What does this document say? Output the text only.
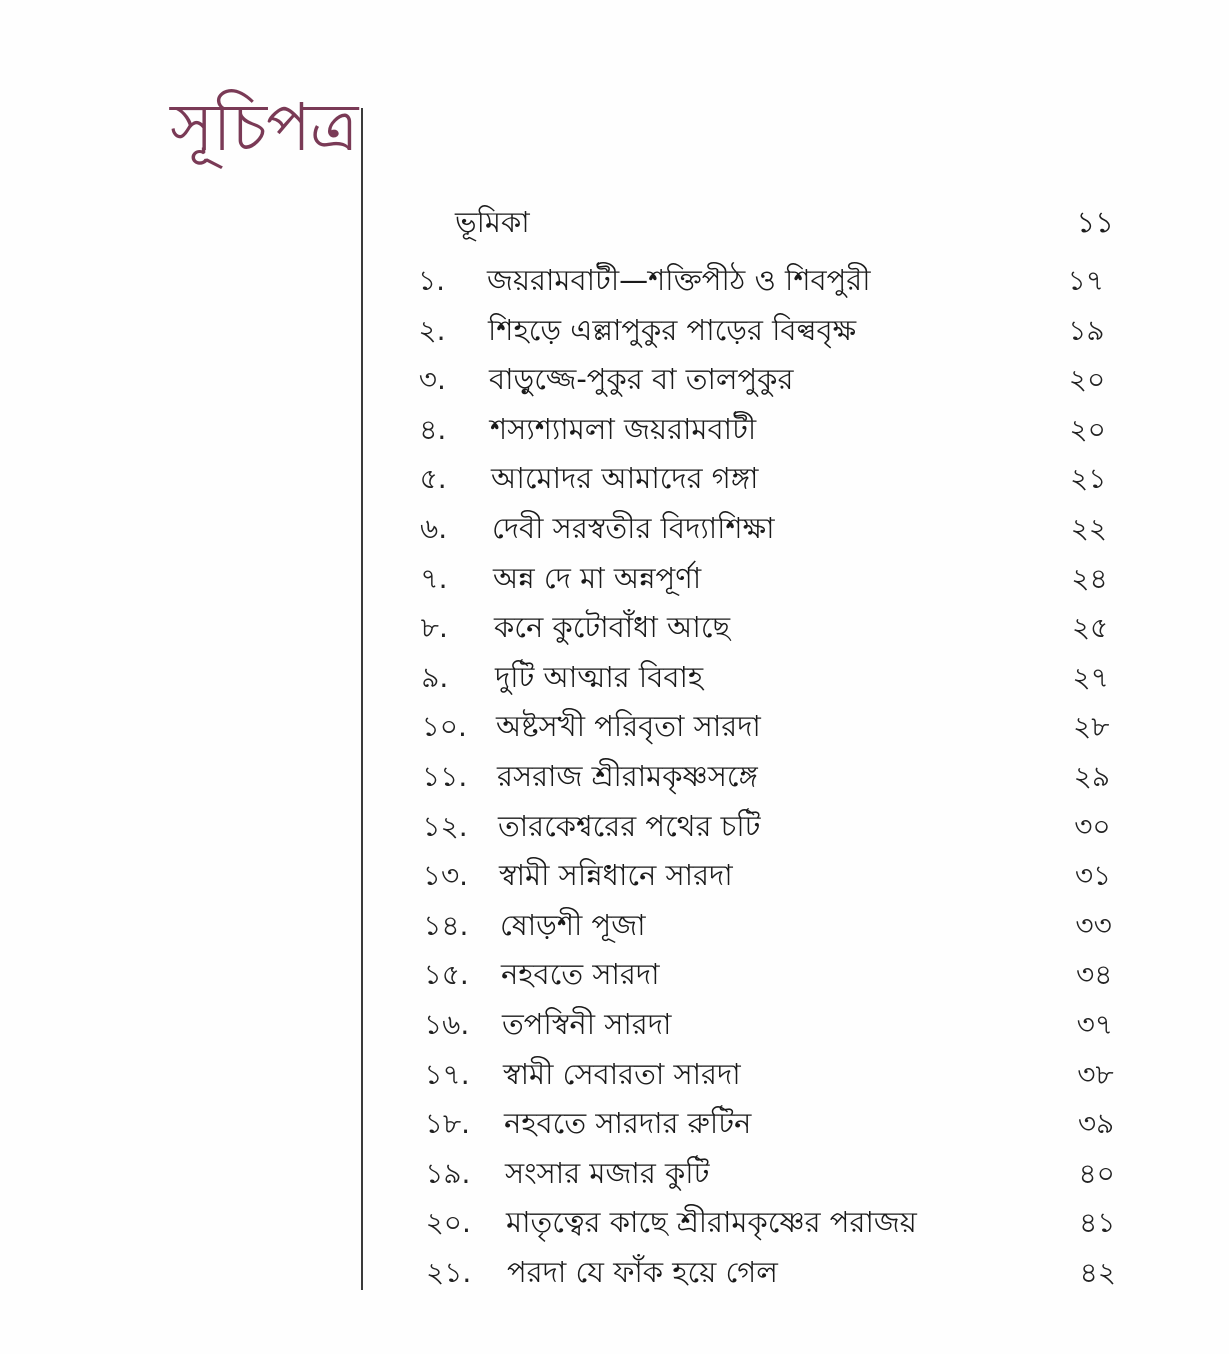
সূচিপত্র
ভূমিকা	১১
১. জয়রামবাটী—শক্তিপীঠ ও শিবপুরী	১৭
২. শিহড়ে এল্লাপুকুর পাড়ের বিল্ববৃক্ষ	১৯
৩. বাড়ুজ্জে-পুকুর বা তালপুকুর	২০
৪. শস্যশ্যামলা জয়রামবাটী	২০
৫. আমোদর আমাদের গঙ্গা	২১
৬. দেবী সরস্বতীর বিদ্যাশিক্ষা	২২
৭. অন্ন দে মা অন্নপূর্ণা	২৪
৮. কনে কুটোবাঁধা আছে	২৫
৯. দুটি আত্মার বিবাহ	২৭
১০. অষ্টসখী পরিবৃতা সারদা	২৮
১১. রসরাজ শ্রীরামকৃষ্ণসঙ্গে	২৯
১২. তারকেশ্বরের পথের চটি	৩০
১৩. স্বামী সন্নিধানে সারদা	৩১
১৪. ষোড়শী পূজা	৩৩
১৫. নহবতে সারদা	৩৪
১৬. তপস্বিনী সারদা	৩৭
১৭. স্বামী সেবারতা সারদা	৩৮
১৮. নহবতে সারদার রুটিন	৩৯
১৯. সংসার মজার কুটি	৪০
২০. মাতৃত্বের কাছে শ্রীরামকৃষ্ণের পরাজয়	৪১
২১. পরদা যে ফাঁক হয়ে গেল	৪২
